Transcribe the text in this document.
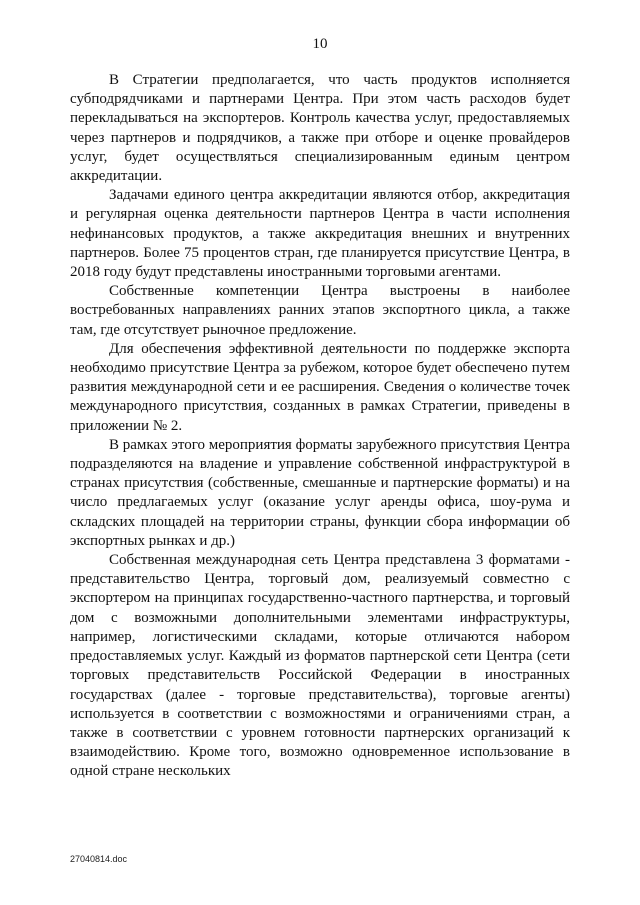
10

В Стратегии предполагается, что часть продуктов исполняется субподрядчиками и партнерами Центра. При этом часть расходов будет перекладываться на экспортеров. Контроль качества услуг, предоставляемых через партнеров и подрядчиков, а также при отборе и оценке провайдеров услуг, будет осуществляться специализированным единым центром аккредитации.

Задачами единого центра аккредитации являются отбор, аккредитация и регулярная оценка деятельности партнеров Центра в части исполнения нефинансовых продуктов, а также аккредитация внешних и внутренних партнеров. Более 75 процентов стран, где планируется присутствие Центра, в 2018 году будут представлены иностранными торговыми агентами.

Собственные компетенции Центра выстроены в наиболее востребованных направлениях ранних этапов экспортного цикла, а также там, где отсутствует рыночное предложение.

Для обеспечения эффективной деятельности по поддержке экспорта необходимо присутствие Центра за рубежом, которое будет обеспечено путем развития международной сети и ее расширения. Сведения о количестве точек международного присутствия, созданных в рамках Стратегии, приведены в приложении № 2.

В рамках этого мероприятия форматы зарубежного присутствия Центра подразделяются на владение и управление собственной инфраструктурой в странах присутствия (собственные, смешанные и партнерские форматы) и на число предлагаемых услуг (оказание услуг аренды офиса, шоу-рума и складских площадей на территории страны, функции сбора информации об экспортных рынках и др.)

Собственная международная сеть Центра представлена 3 форматами - представительство Центра, торговый дом, реализуемый совместно с экспортером на принципах государственно-частного партнерства, и торговый дом с возможными дополнительными элементами инфраструктуры, например, логистическими складами, которые отличаются набором предоставляемых услуг. Каждый из форматов партнерской сети Центра (сети торговых представительств Российской Федерации в иностранных государствах (далее - торговые представительства), торговые агенты) используется в соответствии с возможностями и ограничениями стран, а также в соответствии с уровнем готовности партнерских организаций к взаимодействию. Кроме того, возможно одновременное использование в одной стране нескольких

27040814.doc
